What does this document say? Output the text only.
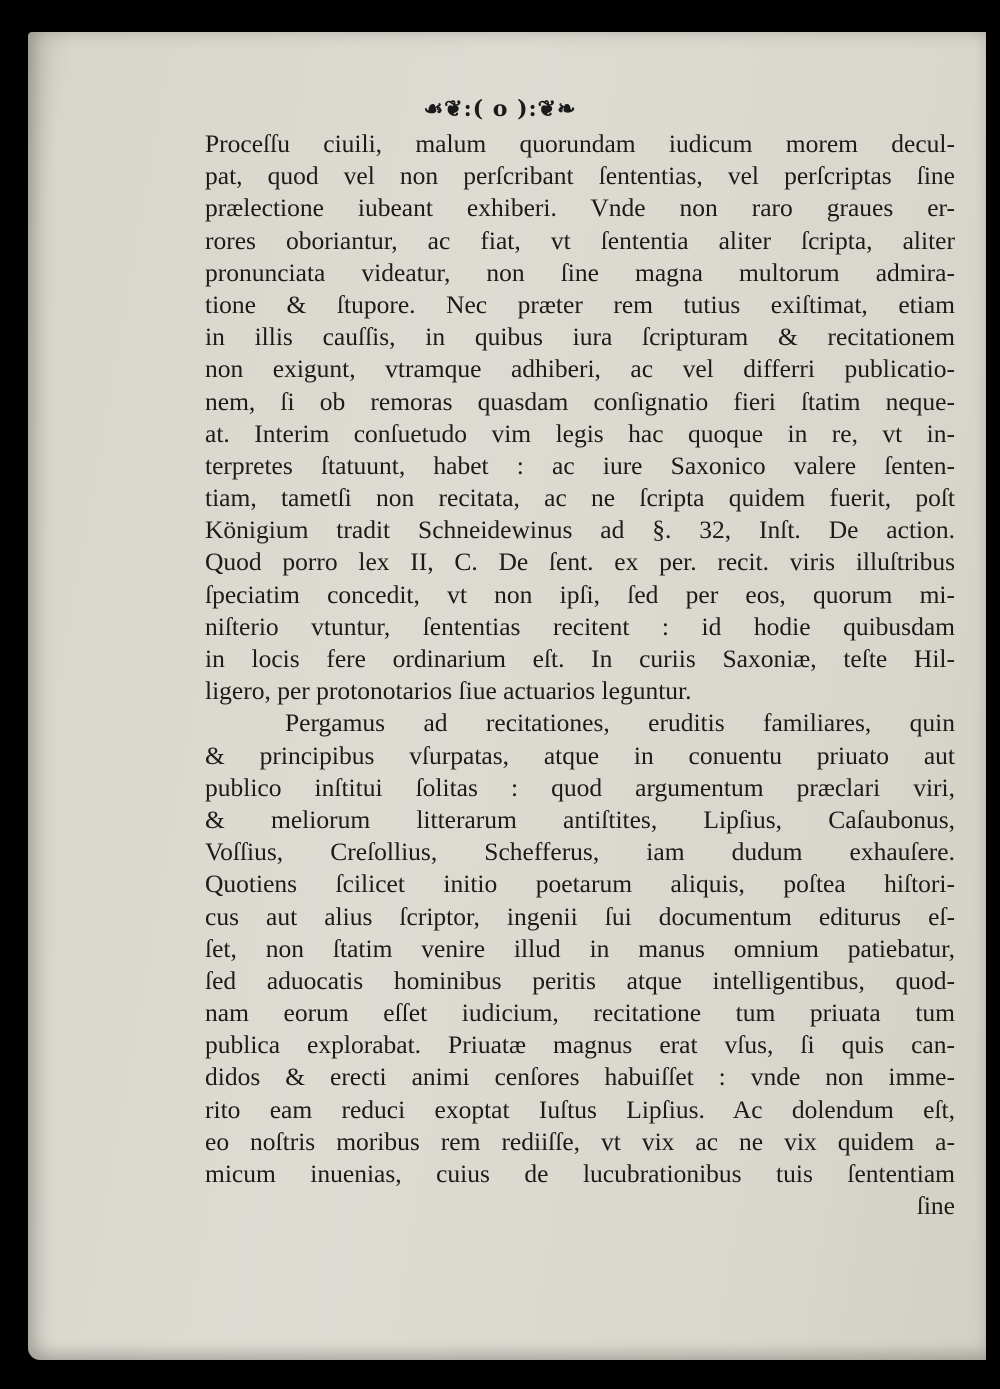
☙❦:( o ):❦❧
Proceſſu ciuili, malum quorundam iudicum morem decul-
pat, quod vel non perſcribant ſententias, vel perſcriptas ſine
prælectione iubeant exhiberi. Vnde non raro graues er-
rores oboriantur, ac fiat, vt ſententia aliter ſcripta, aliter
pronunciata videatur, non ſine magna multorum admira-
tione & ſtupore. Nec præter rem tutius exiſtimat, etiam
in illis cauſſis, in quibus iura ſcripturam & recitationem
non exigunt, vtramque adhiberi, ac vel differri publicatio-
nem, ſi ob remoras quasdam conſignatio fieri ſtatim neque-
at. Interim conſuetudo vim legis hac quoque in re, vt in-
terpretes ſtatuunt, habet : ac iure Saxonico valere ſenten-
tiam, tametſi non recitata, ac ne ſcripta quidem fuerit, poſt
Kӧnigium tradit Schneidewinus ad §. 32, Inſt. De action.
Quod porro lex II, C. De ſent. ex per. recit. viris illuſtribus
ſpeciatim concedit, vt non ipſi, ſed per eos, quorum mi-
niſterio vtuntur, ſententias recitent : id hodie quibusdam
in locis fere ordinarium eſt. In curiis Saxoniæ, teſte Hil-
ligero, per protonotarios ſiue actuarios leguntur.
Pergamus ad recitationes, eruditis familiares, quin
& principibus vſurpatas, atque in conuentu priuato aut
publico inſtitui ſolitas : quod argumentum præclari viri,
& meliorum litterarum antiſtites, Lipſius, Caſaubonus,
Voſſius, Creſollius, Schefferus, iam dudum exhauſere.
Quotiens ſcilicet initio poetarum aliquis, poſtea hiſtori-
cus aut alius ſcriptor, ingenii ſui documentum editurus eſ-
ſet, non ſtatim venire illud in manus omnium patiebatur,
ſed aduocatis hominibus peritis atque intelligentibus, quod-
nam eorum eſſet iudicium, recitatione tum priuata tum
publica explorabat. Priuatæ magnus erat vſus, ſi quis can-
didos & erecti animi cenſores habuiſſet : vnde non imme-
rito eam reduci exoptat Iuſtus Lipſius. Ac dolendum eſt,
eo noſtris moribus rem rediiſſe, vt vix ac ne vix quidem a-
micum inuenias, cuius de lucubrationibus tuis ſententiam
ſine
